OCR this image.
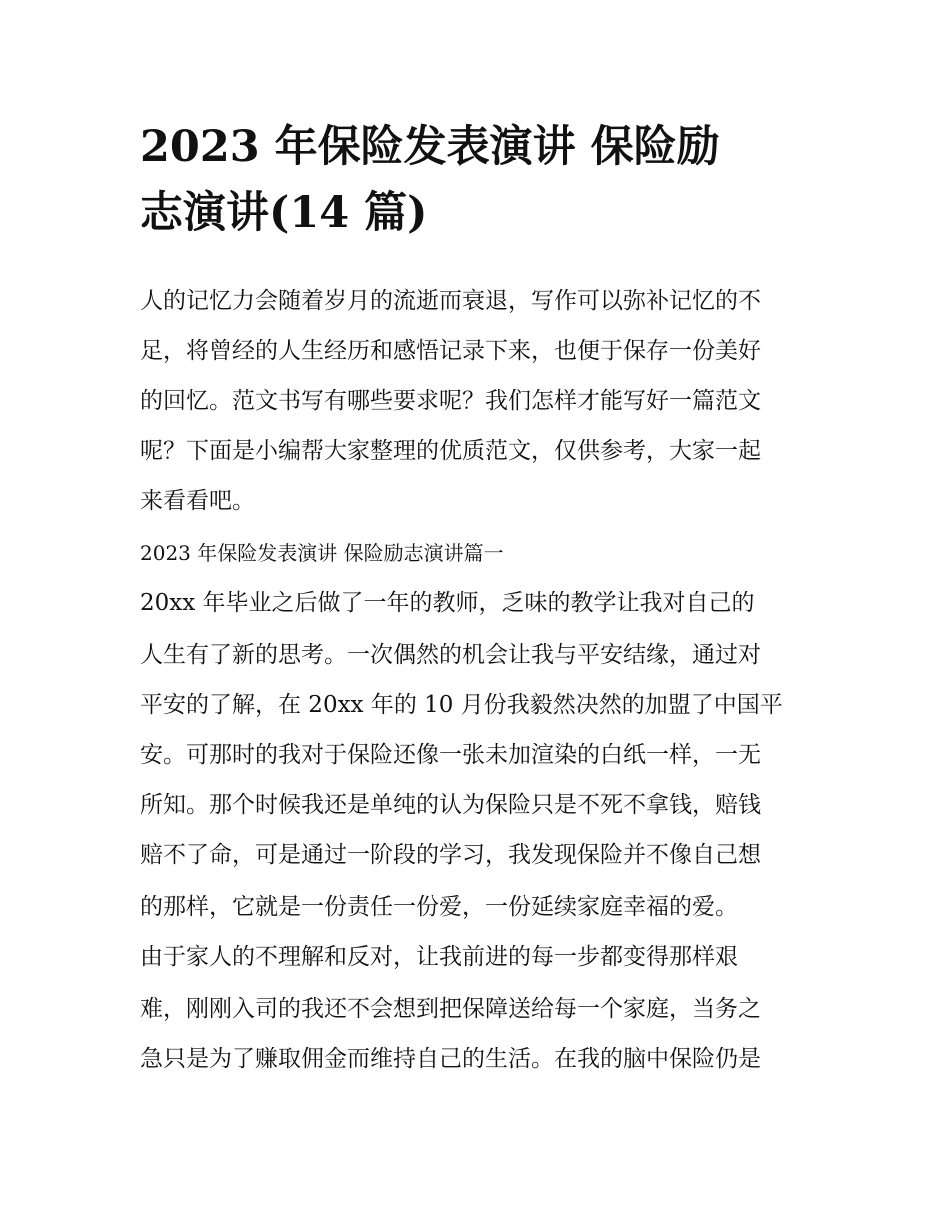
2023 年保险发表演讲 保险励
志演讲(14 篇)
人的记忆力会随着岁月的流逝而衰退，写作可以弥补记忆的不
足，将曾经的人生经历和感悟记录下来，也便于保存一份美好
的回忆。范文书写有哪些要求呢？我们怎样才能写好一篇范文
呢？下面是小编帮大家整理的优质范文，仅供参考，大家一起
来看看吧。
2023 年保险发表演讲 保险励志演讲篇一
20xx 年毕业之后做了一年的教师，乏味的教学让我对自己的
人生有了新的思考。一次偶然的机会让我与平安结缘，通过对
平安的了解，在 20xx 年的 10 月份我毅然决然的加盟了中国平
安。可那时的我对于保险还像一张未加渲染的白纸一样，一无
所知。那个时候我还是单纯的认为保险只是不死不拿钱，赔钱
赔不了命，可是通过一阶段的学习，我发现保险并不像自己想
的那样，它就是一份责任一份爱，一份延续家庭幸福的爱。
由于家人的不理解和反对，让我前进的每一步都变得那样艰
难，刚刚入司的我还不会想到把保障送给每一个家庭，当务之
急只是为了赚取佣金而维持自己的生活。在我的脑中保险仍是
